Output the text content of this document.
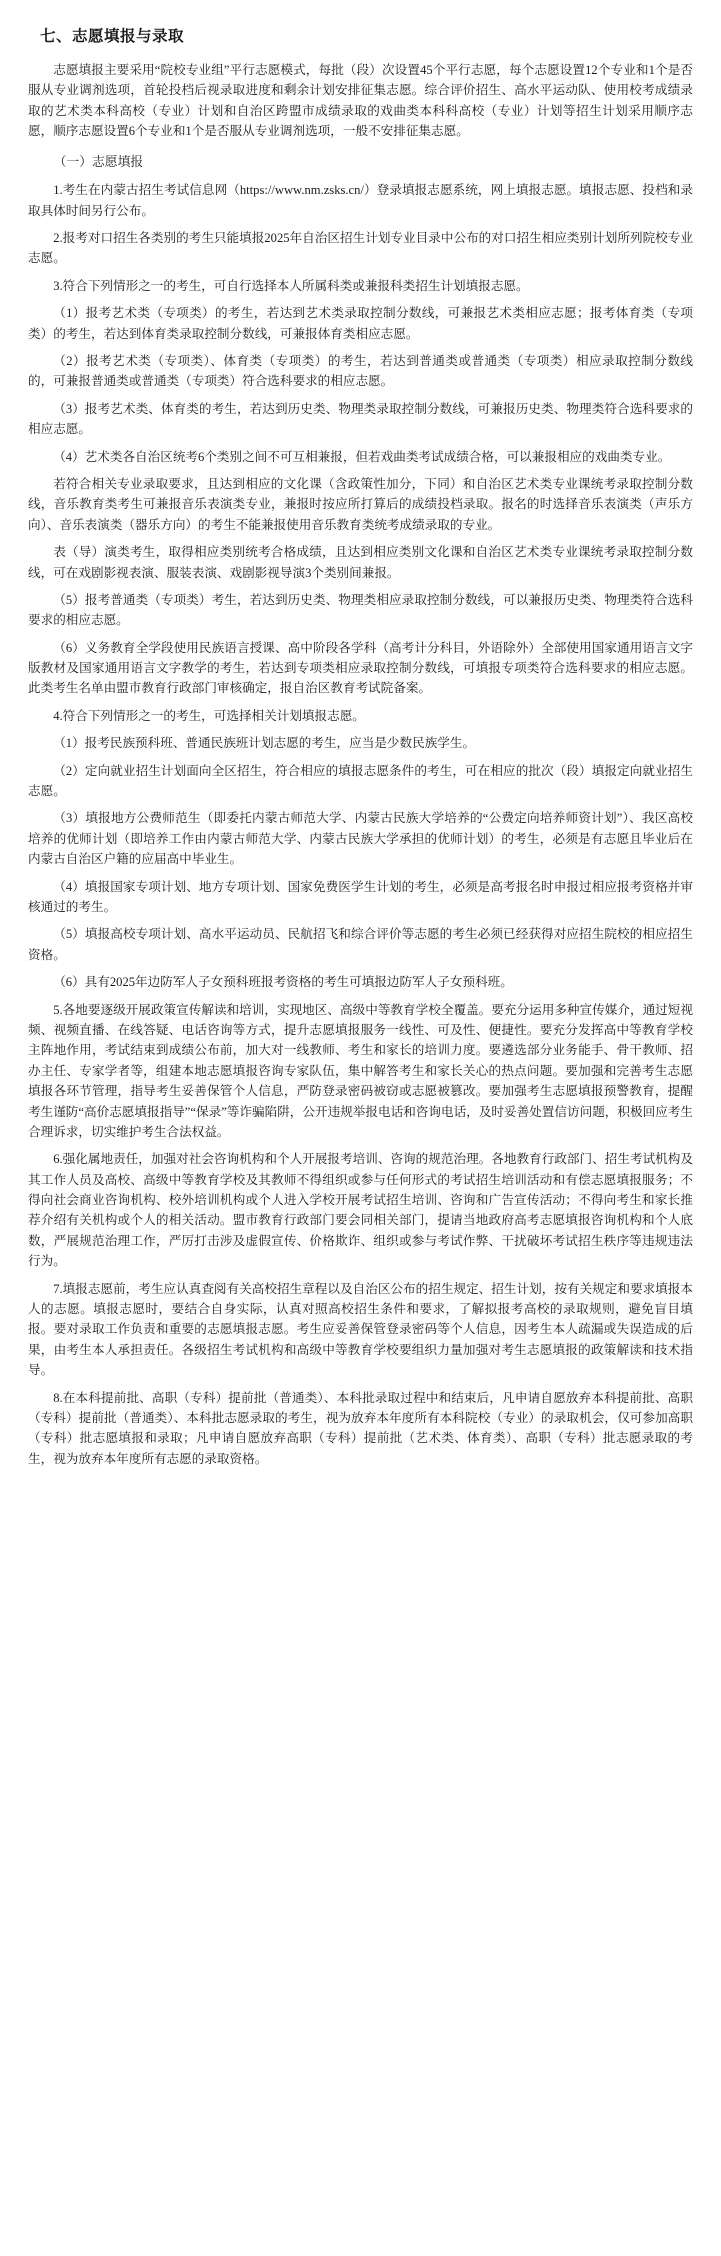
七、志愿填报与录取

志愿填报主要采用“院校专业组”平行志愿模式，每批（段）次设置45个平行志愿，每个志愿设置12个专业和1个是否服从专业调剂选项，首轮投档后视录取进度和剩余计划安排征集志愿。综合评价招生、高水平运动队、使用校考成绩录取的艺术类本科高校（专业）计划和自治区跨盟市成绩录取的戏曲类本科科高校（专业）计划等招生计划采用顺序志愿，顺序志愿设置6个专业和1个是否服从专业调剂选项，一般不安排征集志愿。

（一）志愿填报

1.考生在内蒙古招生考试信息网（https://www.nm.zsks.cn/）登录填报志愿系统，网上填报志愿。填报志愿、投档和录取具体时间另行公布。

2.报考对口招生各类别的考生只能填报2025年自治区招生计划专业目录中公布的对口招生相应类别计划所列院校专业志愿。

3.符合下列情形之一的考生，可自行选择本人所属科类或兼报科类招生计划填报志愿。

（1）报考艺术类（专项类）的考生，若达到艺术类录取控制分数线，可兼报艺术类相应志愿；报考体育类（专项类）的考生，若达到体育类录取控制分数线，可兼报体育类相应志愿。

（2）报考艺术类（专项类）、体育类（专项类）的考生，若达到普通类或普通类（专项类）相应录取控制分数线的，可兼报普通类或普通类（专项类）符合选科要求的相应志愿。

（3）报考艺术类、体育类的考生，若达到历史类、物理类录取控制分数线，可兼报历史类、物理类符合选科要求的相应志愿。

（4）艺术类各自治区统考6个类别之间不可互相兼报，但若戏曲类考试成绩合格，可以兼报相应的戏曲类专业。

若符合相关专业录取要求，且达到相应的文化课（含政策性加分，下同）和自治区艺术类专业课统考录取控制分数线，音乐教育类考生可兼报音乐表演类专业，兼报时按应所打算后的成绩投档录取。报名的时选择音乐表演类（声乐方向）、音乐表演类（器乐方向）的考生不能兼报使用音乐教育类统考成绩录取的专业。

表（导）演类考生，取得相应类别统考合格成绩，且达到相应类别文化课和自治区艺术类专业课统考录取控制分数线，可在戏剧影视表演、服装表演、戏剧影视导演3个类别间兼报。

（5）报考普通类（专项类）考生，若达到历史类、物理类相应录取控制分数线，可以兼报历史类、物理类符合选科要求的相应志愿。

（6）义务教育全学段使用民族语言授课、高中阶段各学科（高考计分科目，外语除外）全部使用国家通用语言文字版教材及国家通用语言文字教学的考生，若达到专项类相应录取控制分数线，可填报专项类符合选科要求的相应志愿。此类考生名单由盟市教育行政部门审核确定，报自治区教育考试院备案。

4.符合下列情形之一的考生，可选择相关计划填报志愿。

（1）报考民族预科班、普通民族班计划志愿的考生，应当是少数民族学生。

（2）定向就业招生计划面向全区招生，符合相应的填报志愿条件的考生，可在相应的批次（段）填报定向就业招生志愿。

（3）填报地方公费师范生（即委托内蒙古师范大学、内蒙古民族大学培养的“公费定向培养师资计划”）、我区高校培养的优师计划（即培养工作由内蒙古师范大学、内蒙古民族大学承担的优师计划）的考生，必须是有志愿且毕业后在内蒙古自治区户籍的应届高中毕业生。

（4）填报国家专项计划、地方专项计划、国家免费医学生计划的考生，必须是高考报名时申报过相应报考资格并审核通过的考生。

（5）填报高校专项计划、高水平运动员、民航招飞和综合评价等志愿的考生必须已经获得对应招生院校的相应招生资格。

（6）具有2025年边防军人子女预科班报考资格的考生可填报边防军人子女预科班。

5.各地要逐级开展政策宣传解读和培训，实现地区、高级中等教育学校全覆盖。要充分运用多种宣传媒介，通过短视频、视频直播、在线答疑、电话咨询等方式，提升志愿填报服务一线性、可及性、便捷性。要充分发挥高中等教育学校主阵地作用，考试结束到成绩公布前，加大对一线教师、考生和家长的培训力度。要遴选部分业务能手、骨干教师、招办主任、专家学者等，组建本地志愿填报咨询专家队伍，集中解答考生和家长关心的热点问题。要加强和完善考生志愿填报各环节管理，指导考生妥善保管个人信息，严防登录密码被窃或志愿被篡改。要加强考生志愿填报预警教育，提醒考生谨防“高价志愿填报指导”“保录”等诈骗陷阱，公开违规举报电话和咨询电话，及时妥善处置信访问题，积极回应考生合理诉求，切实维护考生合法权益。

6.强化属地责任，加强对社会咨询机构和个人开展报考培训、咨询的规范治理。各地教育行政部门、招生考试机构及其工作人员及高校、高级中等教育学校及其教师不得组织或参与任何形式的考试招生培训活动和有偿志愿填报服务；不得向社会商业咨询机构、校外培训机构或个人进入学校开展考试招生培训、咨询和广告宣传活动；不得向考生和家长推荐介绍有关机构或个人的相关活动。盟市教育行政部门要会同相关部门，提请当地政府高考志愿填报咨询机构和个人底数，严展规范治理工作，严厉打击涉及虚假宣传、价格欺诈、组织或参与考试作弊、干扰破坏考试招生秩序等违规违法行为。

7.填报志愿前，考生应认真查阅有关高校招生章程以及自治区公布的招生规定、招生计划，按有关规定和要求填报本人的志愿。填报志愿时，要结合自身实际，认真对照高校招生条件和要求，了解拟报考高校的录取规则，避免盲目填报。要对录取工作负责和重要的志愿填报志愿。考生应妥善保管登录密码等个人信息，因考生本人疏漏或失误造成的后果，由考生本人承担责任。各级招生考试机构和高级中等教育学校要组织力量加强对考生志愿填报的政策解读和技术指导。

8.在本科提前批、高职（专科）提前批（普通类）、本科批录取过程中和结束后，凡申请自愿放弃本科提前批、高职（专科）提前批（普通类）、本科批志愿录取的考生，视为放弃本年度所有本科院校（专业）的录取机会，仅可参加高职（专科）批志愿填报和录取；凡申请自愿放弃高职（专科）提前批（艺术类、体育类）、高职（专科）批志愿录取的考生，视为放弃本年度所有志愿的录取资格。
